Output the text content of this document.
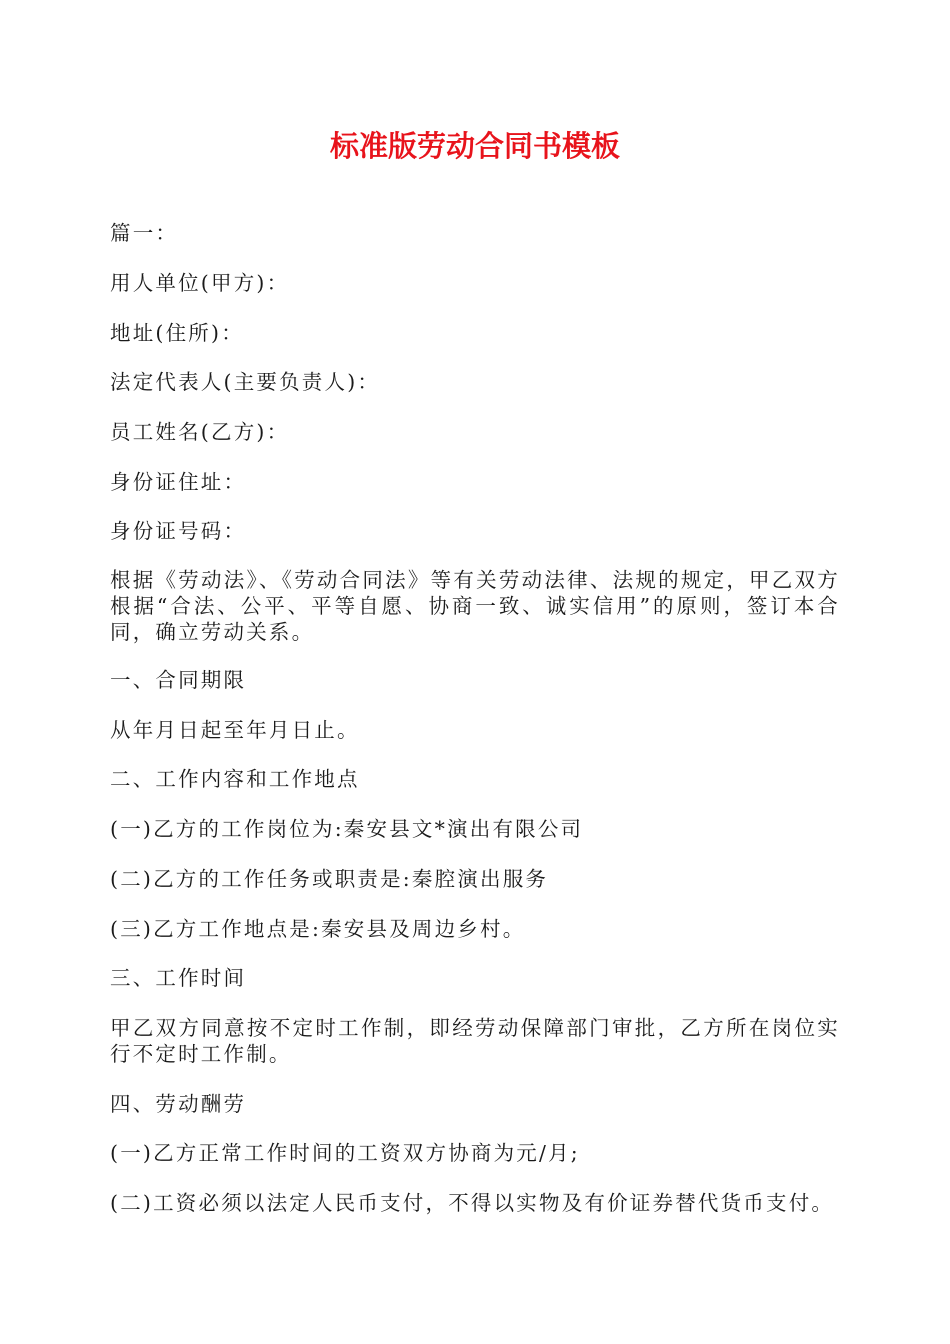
标准版劳动合同书模板
篇一：
用人单位(甲方)：
地址(住所)：
法定代表人(主要负责人)：
员工姓名(乙方)：
身份证住址：
身份证号码：
根据《劳动法》、《劳动合同法》等有关劳动法律、法规的规定，甲乙双方根据“合法、公平、平等自愿、协商一致、诚实信用”的原则，签订本合同，确立劳动关系。
一、合同期限
从年月日起至年月日止。
二、工作内容和工作地点
(一)乙方的工作岗位为:秦安县文*演出有限公司
(二)乙方的工作任务或职责是:秦腔演出服务
(三)乙方工作地点是:秦安县及周边乡村。
三、工作时间
甲乙双方同意按不定时工作制，即经劳动保障部门审批，乙方所在岗位实行不定时工作制。
四、劳动酬劳
(一)乙方正常工作时间的工资双方协商为元/月;
(二)工资必须以法定人民币支付，不得以实物及有价证券替代货币支付。
